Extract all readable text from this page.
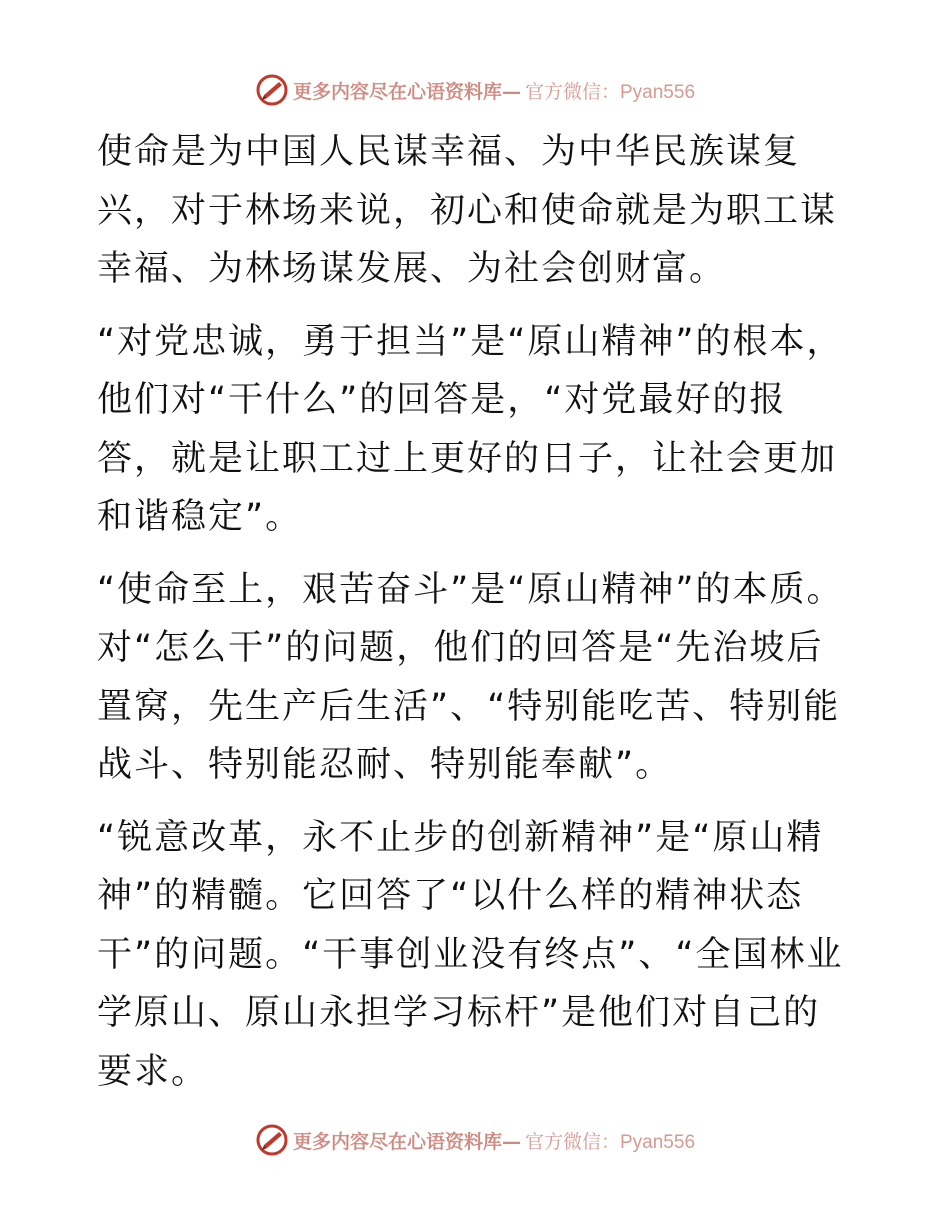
更多内容尽在心语资料库— 官方微信：Pyan556

使命是为中国人民谋幸福、为中华民族谋复兴，对于林场来说，初心和使命就是为职工谋幸福、为林场谋发展、为社会创财富。

“对党忠诚，勇于担当”是“原山精神”的根本，他们对“干什么”的回答是，“对党最好的报答，就是让职工过上更好的日子，让社会更加和谐稳定”。

“使命至上，艰苦奋斗”是“原山精神”的本质。对“怎么干”的问题，他们的回答是“先治坡后置窝，先生产后生活”、“特别能吃苦、特别能战斗、特别能忍耐、特别能奉献”。

“锐意改革，永不止步的创新精神”是“原山精神”的精髓。它回答了“以什么样的精神状态干”的问题。“干事创业没有终点”、“全国林业学原山、原山永担学习标杆”是他们对自己的要求。

更多内容尽在心语资料库— 官方微信：Pyan556
